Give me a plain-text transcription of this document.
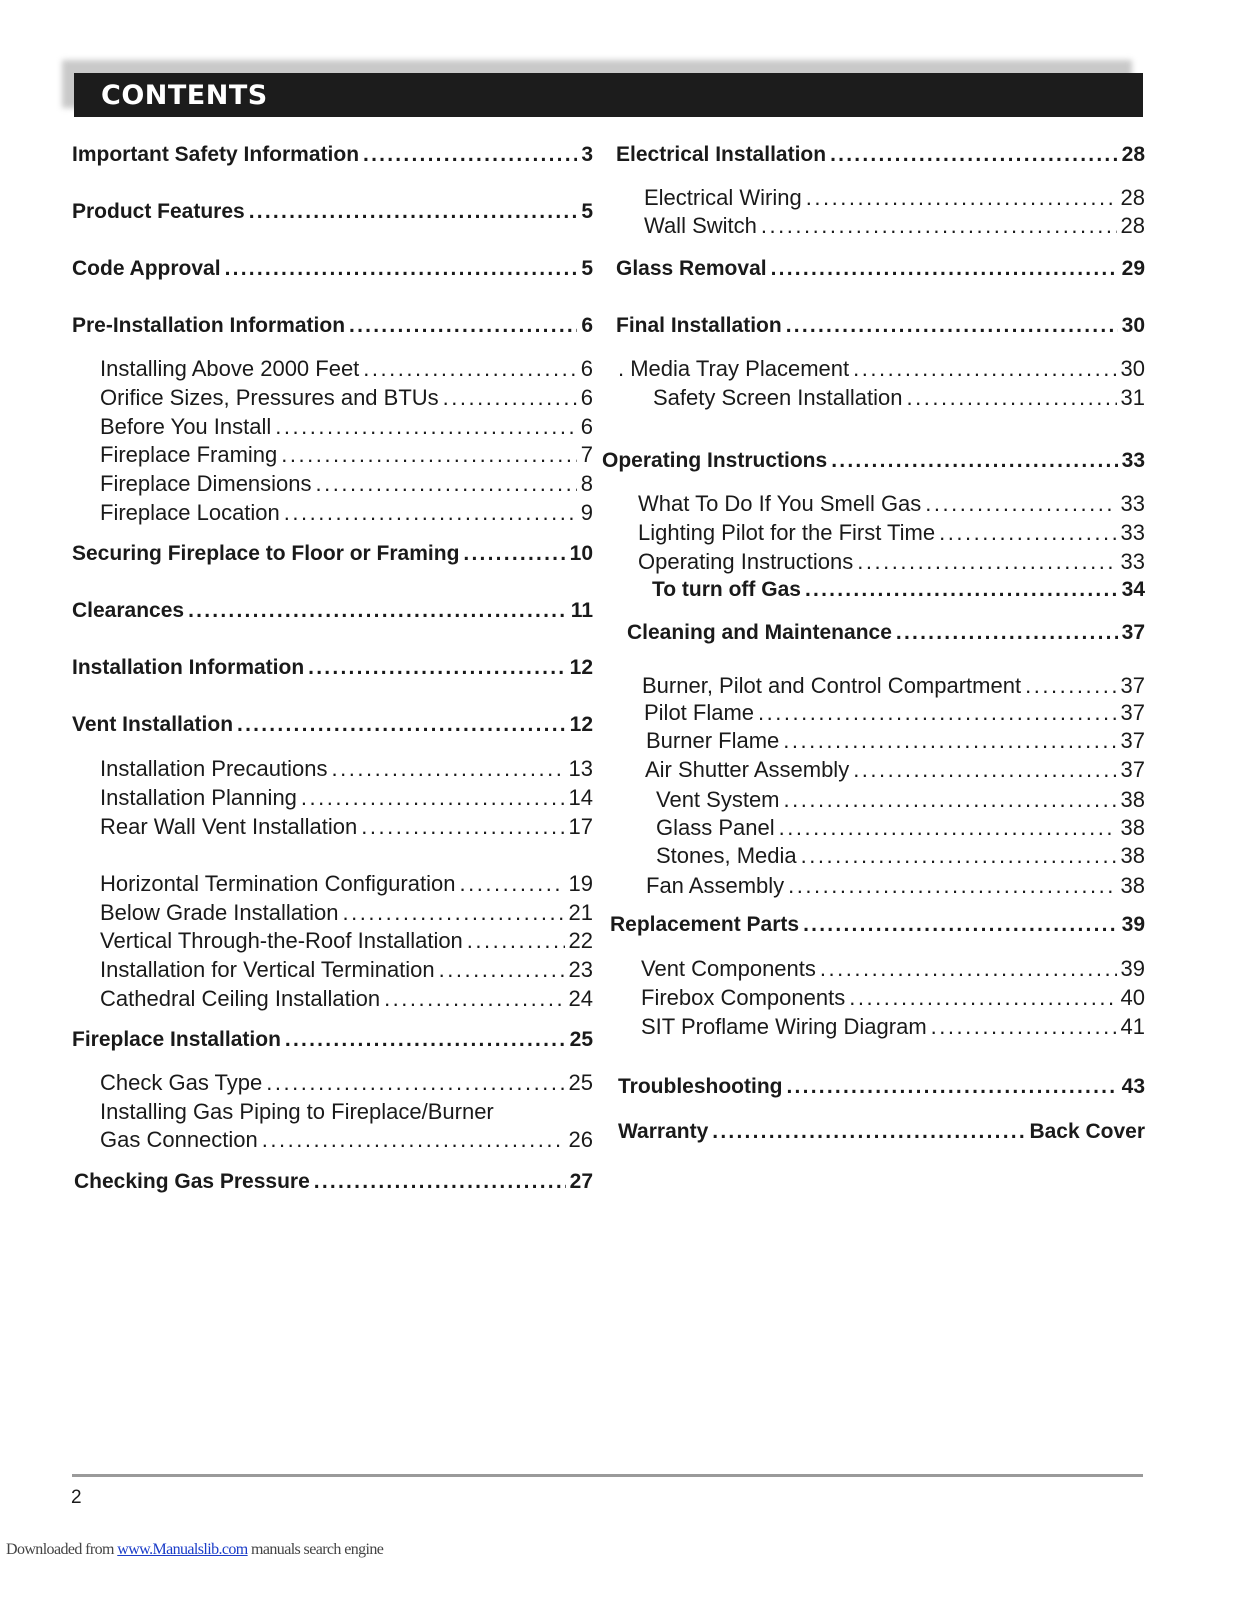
CONTENTS
Important Safety Information . . .	3
Product Features . . .	5
Code Approval . . .	5
Pre-Installation Information . . .	6
Installing Above 2000 Feet . . .	6
Orifice Sizes, Pressures and BTUs . . .	6
Before You Install . . .	6
Fireplace Framing . . .	7
Fireplace Dimensions . . .	8
Fireplace Location . . .	9
Securing Fireplace to Floor or Framing . . .	10
Clearances . . .	11
Installation Information . . .	12
Vent Installation . . .	12
Installation Precautions . . .	13
Installation Planning . . .	14
Rear Wall Vent Installation . . .	17
Horizontal Termination Configuration . . .	19
Below Grade Installation . . .	21
Vertical Through-the-Roof Installation . . .	22
Installation for Vertical Termination . . .	23
Cathedral Ceiling Installation . . .	24
Fireplace Installation . . .	25
Check Gas Type . . .	25
Installing Gas Piping to Fireplace/Burner
Gas Connection . . .	26
Checking Gas Pressure . . .	27
Electrical Installation . . .	28
Electrical Wiring . . .	28
Wall Switch . . .	28
Glass Removal . . .	29
Final Installation . . .	30
. Media Tray Placement . . .	30
Safety Screen Installation . . .	31
Operating Instructions . . .	33
What To Do If You Smell Gas . . .	33
Lighting Pilot for the First Time . . .	33
Operating Instructions . . .	33
To turn off Gas . . .	34
Cleaning and Maintenance . . .	37
Burner, Pilot and Control Compartment . . .	37
Pilot Flame . . .	37
Burner Flame . . .	37
Air Shutter Assembly . . .	37
Vent System . . .	38
Glass Panel . . .	38
Stones, Media . . .	38
Fan Assembly . . .	38
Replacement Parts . . .	39
Vent Components . . .	39
Firebox Components . . .	40
SIT Proflame Wiring Diagram . . .	41
Troubleshooting . . .	43
Warranty . . .	Back Cover
2
Downloaded from www.Manualslib.com manuals search engine
